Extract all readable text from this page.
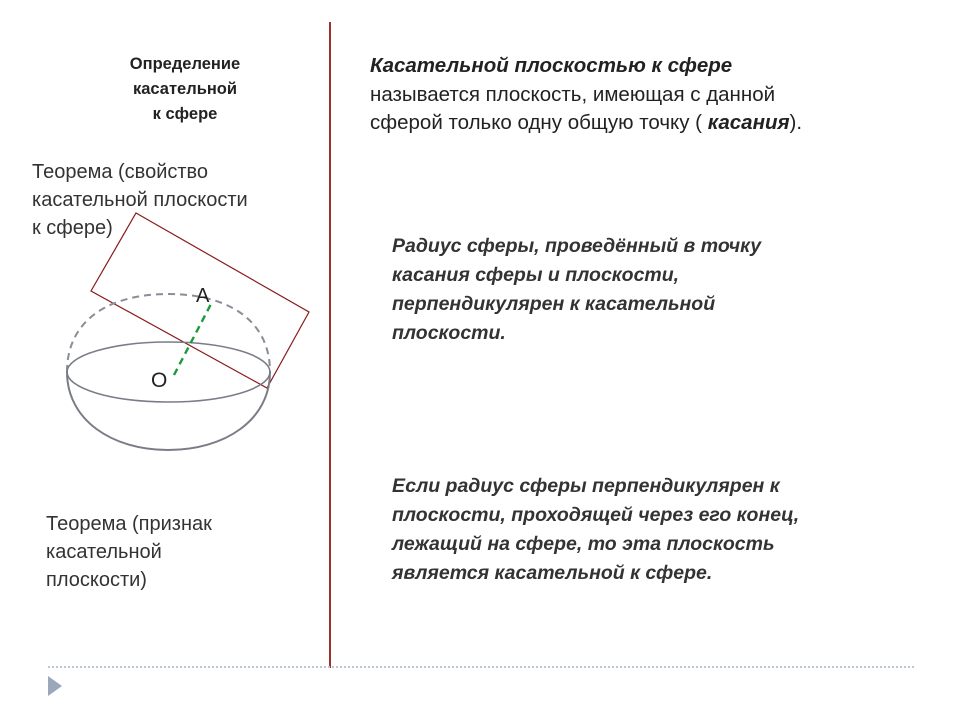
Определение
касательной
к сфере
Теорема (свойство
касательной плоскости
к сфере)
Теорема (признак
касательной
плоскости)
A
O
Касательной плоскостью к сфере
называется плоскость, имеющая с данной
сферой только одну общую точку ( касания).
Радиус сферы, проведённый в точку
касания сферы и плоскости,
перпендикулярен к касательной
плоскости.
Если радиус сферы перпендикулярен к
плоскости, проходящей через его конец,
лежащий на сфере, то эта плоскость
является касательной к сфере.
